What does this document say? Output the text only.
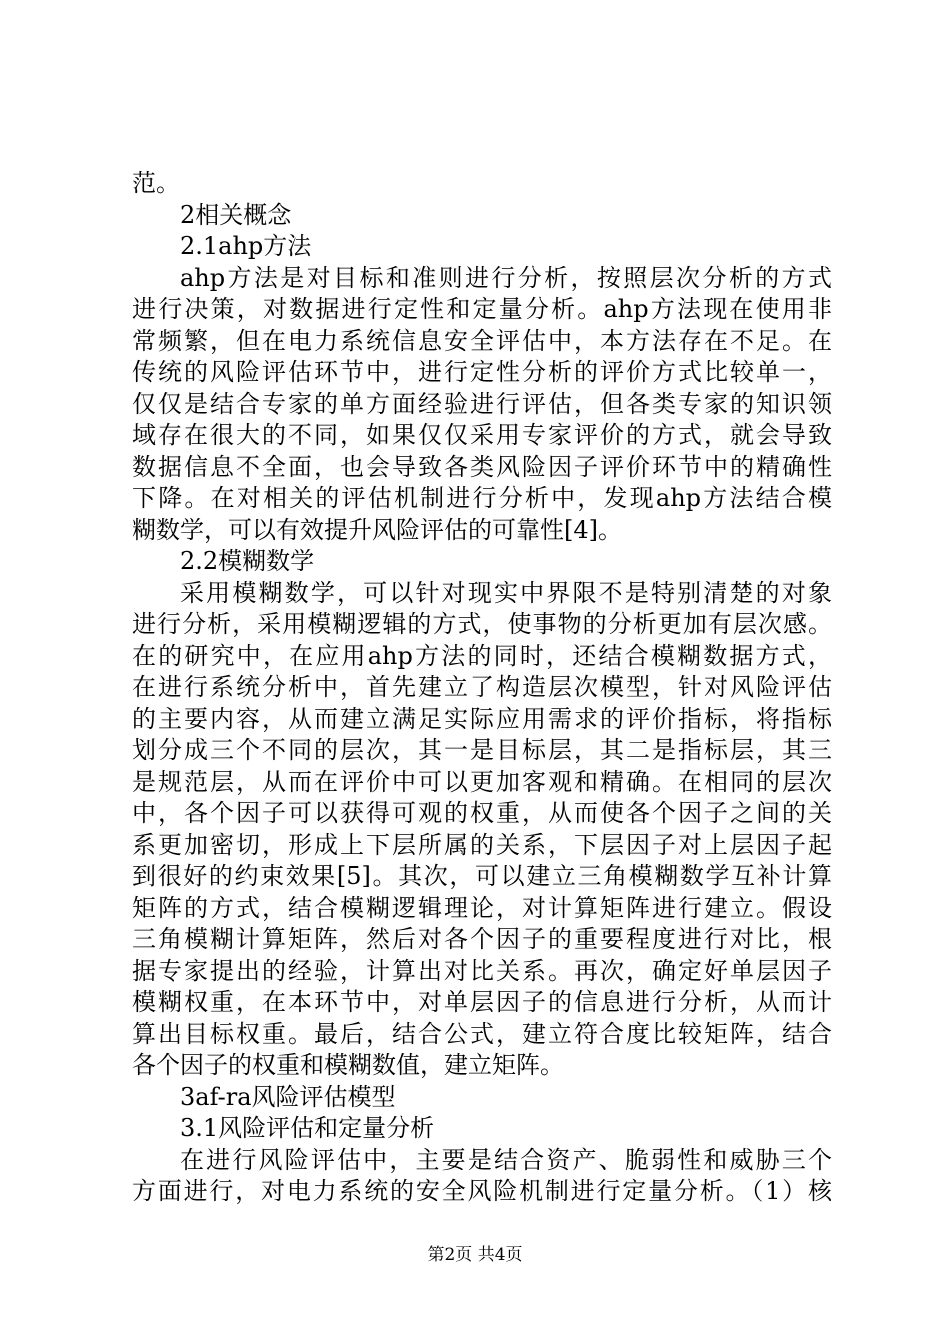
范。
2相关概念
2.1ahp方法
ahp方法是对目标和准则进行分析，按照层次分析的方式
进行决策，对数据进行定性和定量分析。ahp方法现在使用非
常频繁，但在电力系统信息安全评估中，本方法存在不足。在
传统的风险评估环节中，进行定性分析的评价方式比较单一，
仅仅是结合专家的单方面经验进行评估，但各类专家的知识领
域存在很大的不同，如果仅仅采用专家评价的方式，就会导致
数据信息不全面，也会导致各类风险因子评价环节中的精确性
下降。在对相关的评估机制进行分析中，发现ahp方法结合模
糊数学，可以有效提升风险评估的可靠性[4]。
2.2模糊数学
采用模糊数学，可以针对现实中界限不是特别清楚的对象
进行分析，采用模糊逻辑的方式，使事物的分析更加有层次感。
在的研究中，在应用ahp方法的同时，还结合模糊数据方式，
在进行系统分析中，首先建立了构造层次模型，针对风险评估
的主要内容，从而建立满足实际应用需求的评价指标，将指标
划分成三个不同的层次，其一是目标层，其二是指标层，其三
是规范层，从而在评价中可以更加客观和精确。在相同的层次
中，各个因子可以获得可观的权重，从而使各个因子之间的关
系更加密切，形成上下层所属的关系，下层因子对上层因子起
到很好的约束效果[5]。其次，可以建立三角模糊数学互补计算
矩阵的方式，结合模糊逻辑理论，对计算矩阵进行建立。假设
三角模糊计算矩阵，然后对各个因子的重要程度进行对比，根
据专家提出的经验，计算出对比关系。再次，确定好单层因子
模糊权重，在本环节中，对单层因子的信息进行分析，从而计
算出目标权重。最后，结合公式，建立符合度比较矩阵，结合
各个因子的权重和模糊数值，建立矩阵。
3af-ra风险评估模型
3.1风险评估和定量分析
在进行风险评估中，主要是结合资产、脆弱性和威胁三个
方面进行，对电力系统的安全风险机制进行定量分析。（1）核
第2页 共4页
